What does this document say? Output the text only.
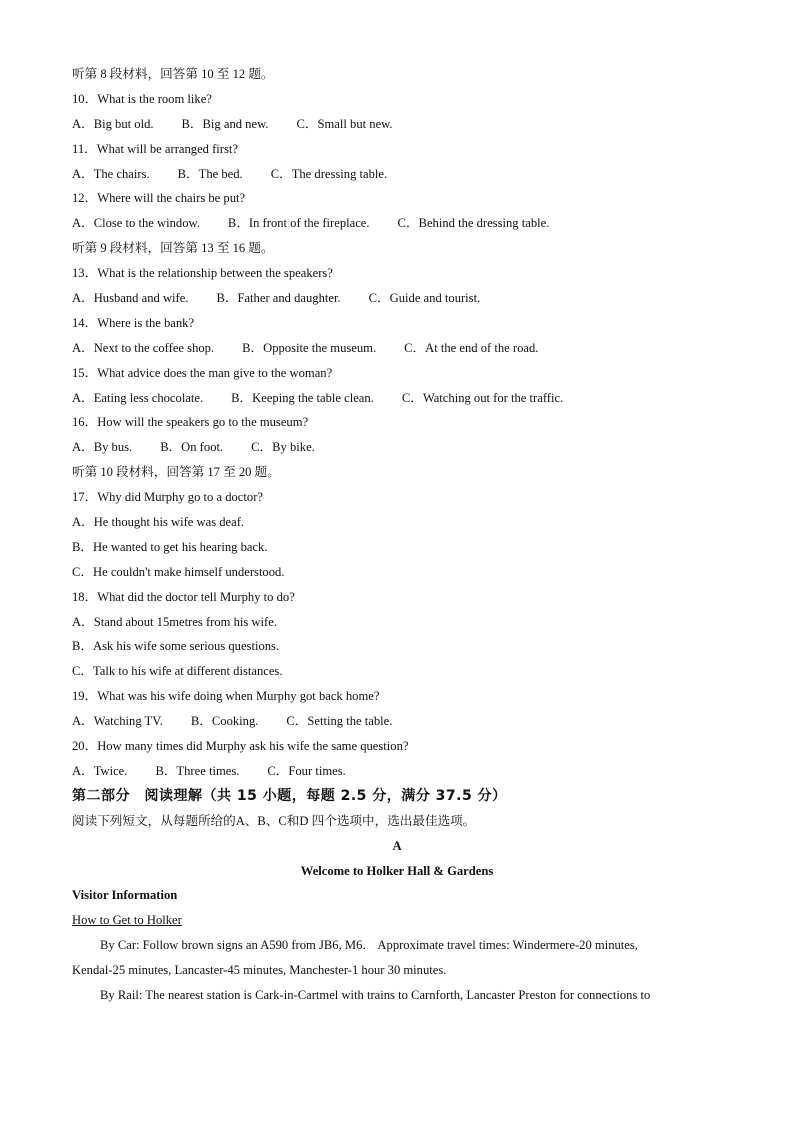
听第 8 段材料，回答第 10 至 12 题。
10．What is the room like?
A．Big but old. B．Big and new. C．Small but new.
11．What will be arranged first?
A．The chairs. B．The bed. C．The dressing table.
12．Where will the chairs be put?
A．Close to the window. B．In front of the fireplace. C．Behind the dressing table.
听第 9 段材料，回答第 13 至 16 题。
13．What is the relationship between the speakers?
A．Husband and wife. B．Father and daughter. C．Guide and tourist.
14．Where is the bank?
A．Next to the coffee shop. B．Opposite the museum. C．At the end of the road.
15．What advice does the man give to the woman?
A．Eating less chocolate. B．Keeping the table clean. C．Watching out for the traffic.
16．How will the speakers go to the museum?
A．By bus. B．On foot. C．By bike.
听第 10 段材料，回答第 17 至 20 题。
17．Why did Murphy go to a doctor?
A．He thought his wife was deaf.
B．He wanted to get his hearing back.
C．He couldn't make himself understood.
18．What did the doctor tell Murphy to do?
A．Stand about 15metres from his wife.
B．Ask his wife some serious questions.
C．Talk to his wife at different distances.
19．What was his wife doing when Murphy got back home?
A．Watching TV. B．Cooking. C．Setting the table.
20．How many times did Murphy ask his wife the same question?
A．Twice. B．Three times. C．Four times.
第二部分　阅读理解（共 15 小题，每题 2.5 分，满分 37.5 分）
阅读下列短文，从每题所给的A、B、C和D 四个选项中，选出最佳选项。
A
Welcome to Holker Hall & Gardens
Visitor Information
How to Get to Holker
By Car: Follow brown signs an A590 from JB6, M6． Approximate travel times: Windermere-20 minutes,
Kendal-25 minutes, Lancaster-45 minutes, Manchester-1 hour 30 minutes.
By Rail: The nearest station is Cark-in-Cartmel with trains to Carnforth, Lancaster Preston for connections to
